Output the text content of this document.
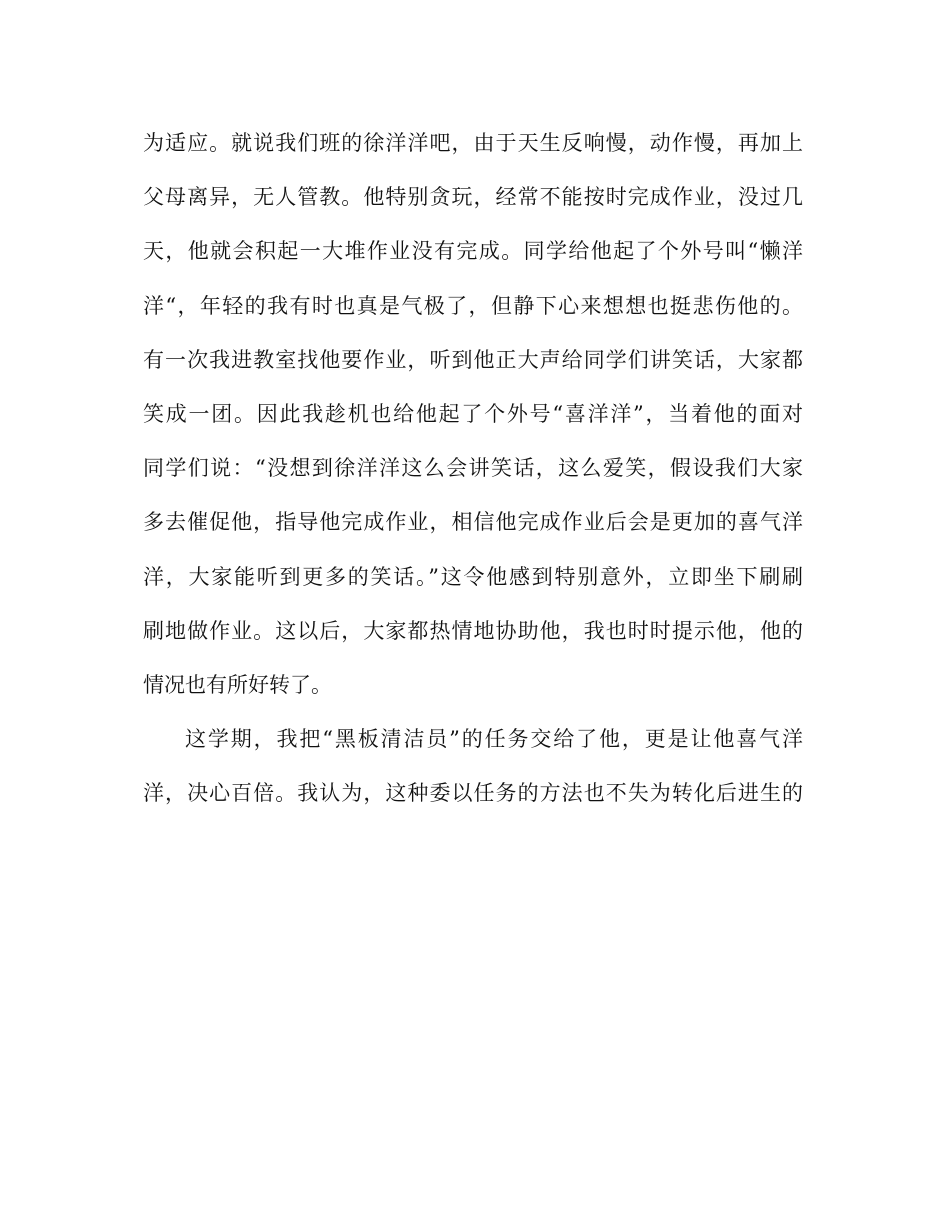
为适应。就说我们班的徐洋洋吧，由于天生反响慢，动作慢，再加上
父母离异，无人管教。他特别贪玩，经常不能按时完成作业，没过几
天，他就会积起一大堆作业没有完成。同学给他起了个外号叫“懒洋
洋“，年轻的我有时也真是气极了，但静下心来想想也挺悲伤他的。
有一次我进教室找他要作业，听到他正大声给同学们讲笑话，大家都
笑成一团。因此我趁机也给他起了个外号“喜洋洋”，当着他的面对
同学们说：“没想到徐洋洋这么会讲笑话，这么爱笑，假设我们大家
多去催促他，指导他完成作业，相信他完成作业后会是更加的喜气洋
洋，大家能听到更多的笑话。”这令他感到特别意外，立即坐下刷刷
刷地做作业。这以后，大家都热情地协助他，我也时时提示他，他的
情况也有所好转了。
这学期，我把“黑板清洁员”的任务交给了他，更是让他喜气洋
洋，决心百倍。我认为，这种委以任务的方法也不失为转化后进生的
